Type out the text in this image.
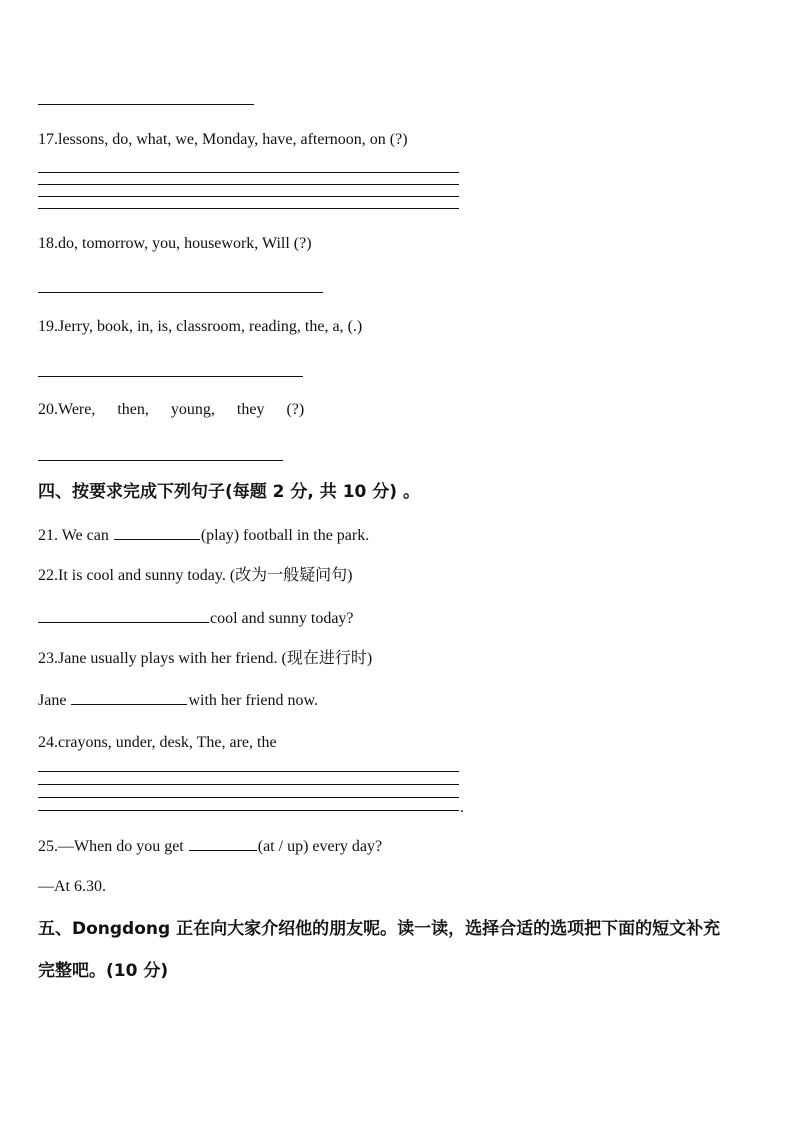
17.lessons, do, what, we, Monday, have, afternoon, on (?)
18.do, tomorrow, you, housework, Will (?)
19.Jerry, book, in, is, classroom, reading, the, a, (.)
20.Were, then, young, they (?)
四、按要求完成下列句子(每题 2 分, 共 10 分) 。
21. We can	(play) football in the park.
22.It is cool and sunny today. (改为一般疑问句)
cool and sunny today?
23.Jane usually plays with her friend. (现在进行时)
Jane	with her friend now.
24.crayons, under, desk, The, are, the
.
25.—When do you get	(at / up) every day?
—At 6.30.
五、Dongdong 正在向大家介绍他的朋友呢。读一读，选择合适的选项把下面的短文补充
完整吧。(10 分)
